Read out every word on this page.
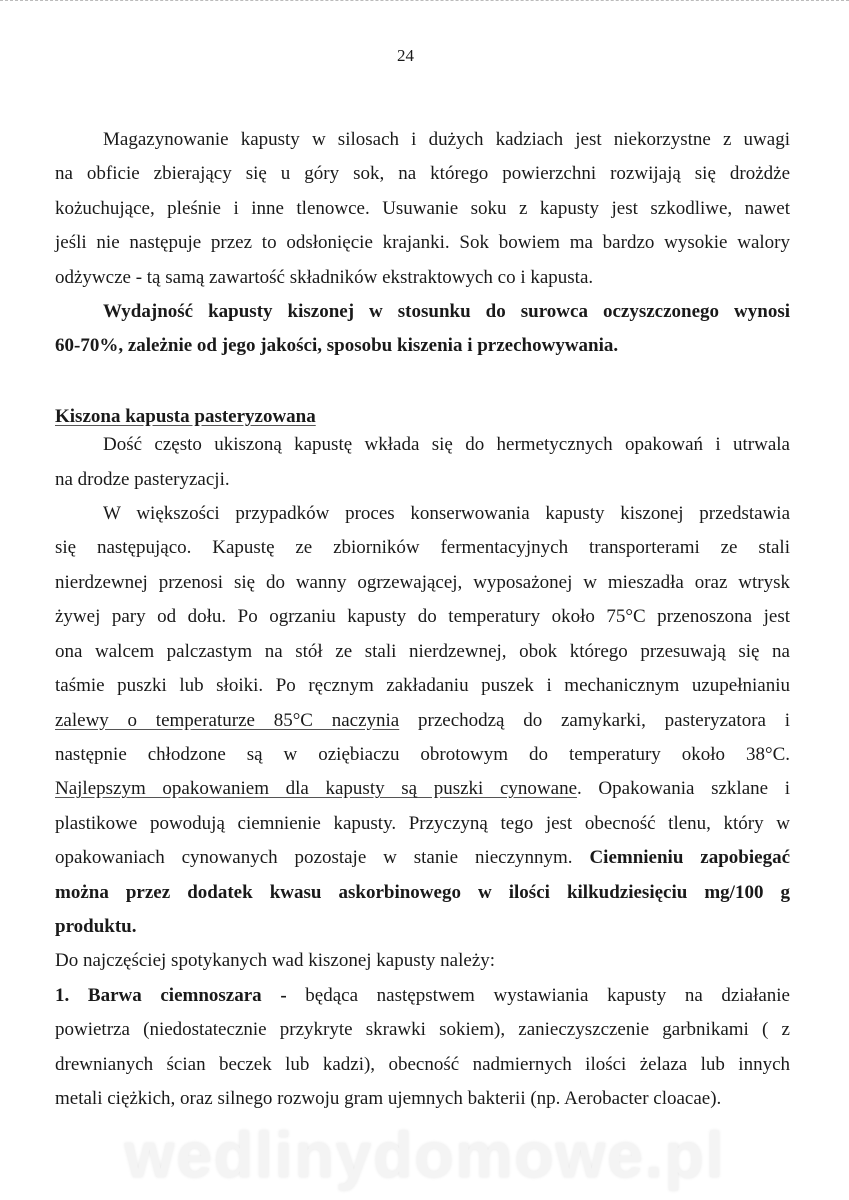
24
Magazynowanie kapusty w silosach i dużych kadziach jest niekorzystne z uwagi
na obficie zbierający się u góry sok, na którego powierzchni rozwijają się drożdże
kożuchujące, pleśnie i inne tlenowce. Usuwanie soku z kapusty jest szkodliwe, nawet
jeśli nie następuje przez to odsłonięcie krajanki. Sok bowiem ma bardzo wysokie walory
odżywcze - tą samą zawartość składników ekstraktowych co i kapusta.
Wydajność kapusty kiszonej w stosunku do surowca oczyszczonego wynosi
60-70%, zależnie od jego jakości, sposobu kiszenia i przechowywania.
Kiszona kapusta pasteryzowana
Dość często ukiszoną kapustę wkłada się do hermetycznych opakowań i utrwala
na drodze pasteryzacji.
W większości przypadków proces konserwowania kapusty kiszonej przedstawia
się następująco. Kapustę ze zbiorników fermentacyjnych transporterami ze stali
nierdzewnej przenosi się do wanny ogrzewającej, wyposażonej w mieszadła oraz wtrysk
żywej pary od dołu. Po ogrzaniu kapusty do temperatury około 75°C przenoszona jest
ona walcem palczastym na stół ze stali nierdzewnej, obok którego przesuwają się na
taśmie puszki lub słoiki. Po ręcznym zakładaniu puszek i mechanicznym uzupełnianiu
zalewy o temperaturze 85°C naczynia przechodzą do zamykarki, pasteryzatora i
następnie chłodzone są w oziębiaczu obrotowym do temperatury około 38°C.
Najlepszym opakowaniem dla kapusty są puszki cynowane. Opakowania szklane i
plastikowe powodują ciemnienie kapusty. Przyczyną tego jest obecność tlenu, który w
opakowaniach cynowanych pozostaje w stanie nieczynnym. Ciemnieniu zapobiegać
można przez dodatek kwasu askorbinowego w ilości kilkudziesięciu mg/100 g
produktu.
Do najczęściej spotykanych wad kiszonej kapusty należy:
1. Barwa ciemnoszara - będąca następstwem wystawiania kapusty na działanie
powietrza (niedostatecznie przykryte skrawki sokiem), zanieczyszczenie garbnikami ( z
drewnianych ścian beczek lub kadzi), obecność nadmiernych ilości żelaza lub innych
metali ciężkich, oraz silnego rozwoju gram ujemnych bakterii (np. Aerobacter cloacae).
wedlinydomowe.pl
